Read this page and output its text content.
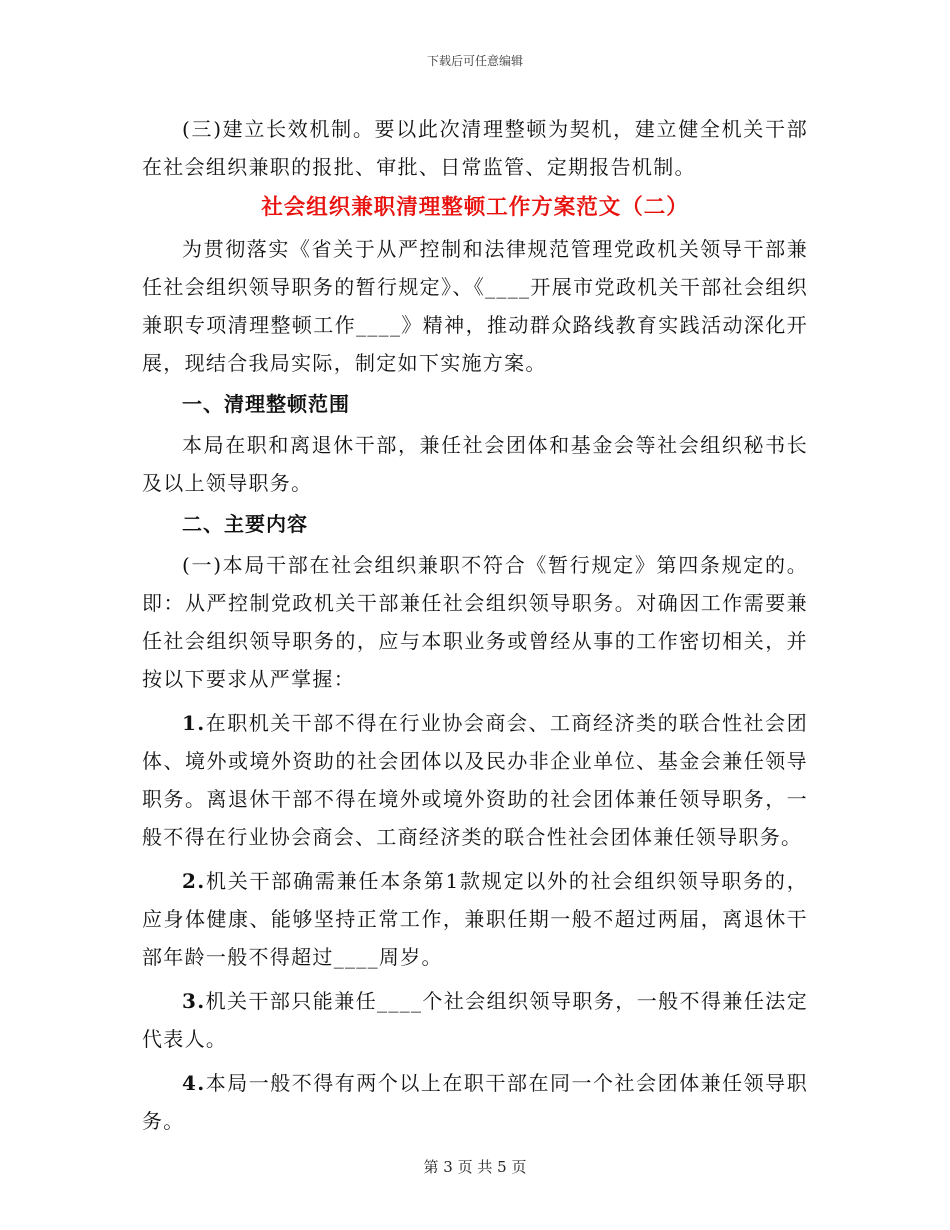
下载后可任意编辑

(三)建立长效机制。要以此次清理整顿为契机，建立健全机关干部在社会组织兼职的报批、审批、日常监管、定期报告机制。

社会组织兼职清理整顿工作方案范文（二）

为贯彻落实《省关于从严控制和法律规范管理党政机关领导干部兼任社会组织领导职务的暂行规定》、《____开展市党政机关干部社会组织兼职专项清理整顿工作____》精神，推动群众路线教育实践活动深化开展，现结合我局实际，制定如下实施方案。

一、清理整顿范围

本局在职和离退休干部，兼任社会团体和基金会等社会组织秘书长及以上领导职务。

二、主要内容

(一)本局干部在社会组织兼职不符合《暂行规定》第四条规定的。即：从严控制党政机关干部兼任社会组织领导职务。对确因工作需要兼任社会组织领导职务的，应与本职业务或曾经从事的工作密切相关，并按以下要求从严掌握：

1.在职机关干部不得在行业协会商会、工商经济类的联合性社会团体、境外或境外资助的社会团体以及民办非企业单位、基金会兼任领导职务。离退休干部不得在境外或境外资助的社会团体兼任领导职务，一般不得在行业协会商会、工商经济类的联合性社会团体兼任领导职务。

2.机关干部确需兼任本条第1款规定以外的社会组织领导职务的，应身体健康、能够坚持正常工作，兼职任期一般不超过两届，离退休干部年龄一般不得超过____周岁。

3.机关干部只能兼任____个社会组织领导职务，一般不得兼任法定代表人。

4.本局一般不得有两个以上在职干部在同一个社会团体兼任领导职务。

第 3 页 共 5 页
